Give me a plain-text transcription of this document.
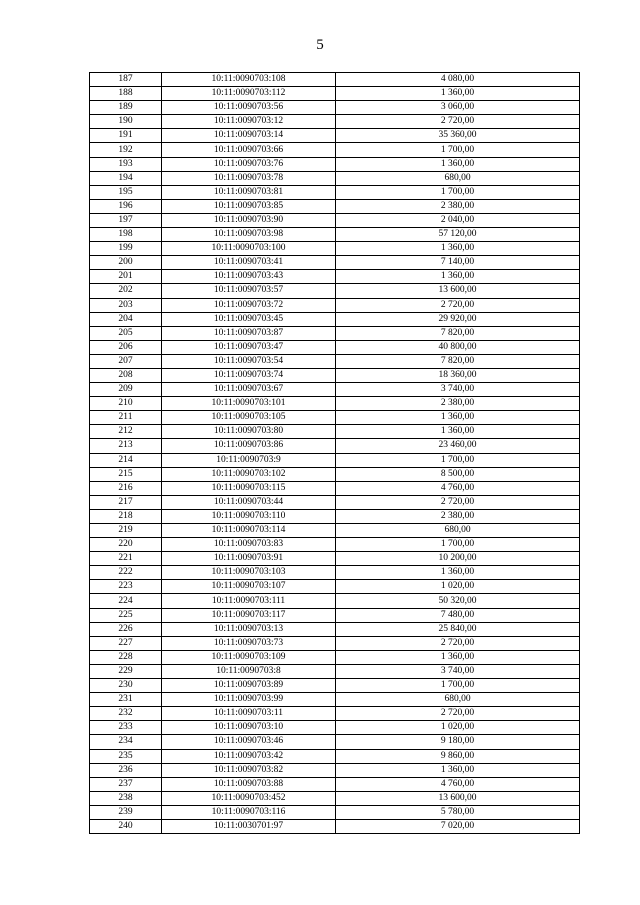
5
187	10:11:0090703:108	4 080,00
188	10:11:0090703:112	1 360,00
189	10:11:0090703:56	3 060,00
190	10:11:0090703:12	2 720,00
191	10:11:0090703:14	35 360,00
192	10:11:0090703:66	1 700,00
193	10:11:0090703:76	1 360,00
194	10:11:0090703:78	680,00
195	10:11:0090703:81	1 700,00
196	10:11:0090703:85	2 380,00
197	10:11:0090703:90	2 040,00
198	10:11:0090703:98	57 120,00
199	10:11:0090703:100	1 360,00
200	10:11:0090703:41	7 140,00
201	10:11:0090703:43	1 360,00
202	10:11:0090703:57	13 600,00
203	10:11:0090703:72	2 720,00
204	10:11:0090703:45	29 920,00
205	10:11:0090703:87	7 820,00
206	10:11:0090703:47	40 800,00
207	10:11:0090703:54	7 820,00
208	10:11:0090703:74	18 360,00
209	10:11:0090703:67	3 740,00
210	10:11:0090703:101	2 380,00
211	10:11:0090703:105	1 360,00
212	10:11:0090703:80	1 360,00
213	10:11:0090703:86	23 460,00
214	10:11:0090703:9	1 700,00
215	10:11:0090703:102	8 500,00
216	10:11:0090703:115	4 760,00
217	10:11:0090703:44	2 720,00
218	10:11:0090703:110	2 380,00
219	10:11:0090703:114	680,00
220	10:11:0090703:83	1 700,00
221	10:11:0090703:91	10 200,00
222	10:11:0090703:103	1 360,00
223	10:11:0090703:107	1 020,00
224	10:11:0090703:111	50 320,00
225	10:11:0090703:117	7 480,00
226	10:11:0090703:13	25 840,00
227	10:11:0090703:73	2 720,00
228	10:11:0090703:109	1 360,00
229	10:11:0090703:8	3 740,00
230	10:11:0090703:89	1 700,00
231	10:11:0090703:99	680,00
232	10:11:0090703:11	2 720,00
233	10:11:0090703:10	1 020,00
234	10:11:0090703:46	9 180,00
235	10:11:0090703:42	9 860,00
236	10:11:0090703:82	1 360,00
237	10:11:0090703:88	4 760,00
238	10:11:0090703:452	13 600,00
239	10:11:0090703:116	5 780,00
240	10:11:0030701:97	7 020,00
